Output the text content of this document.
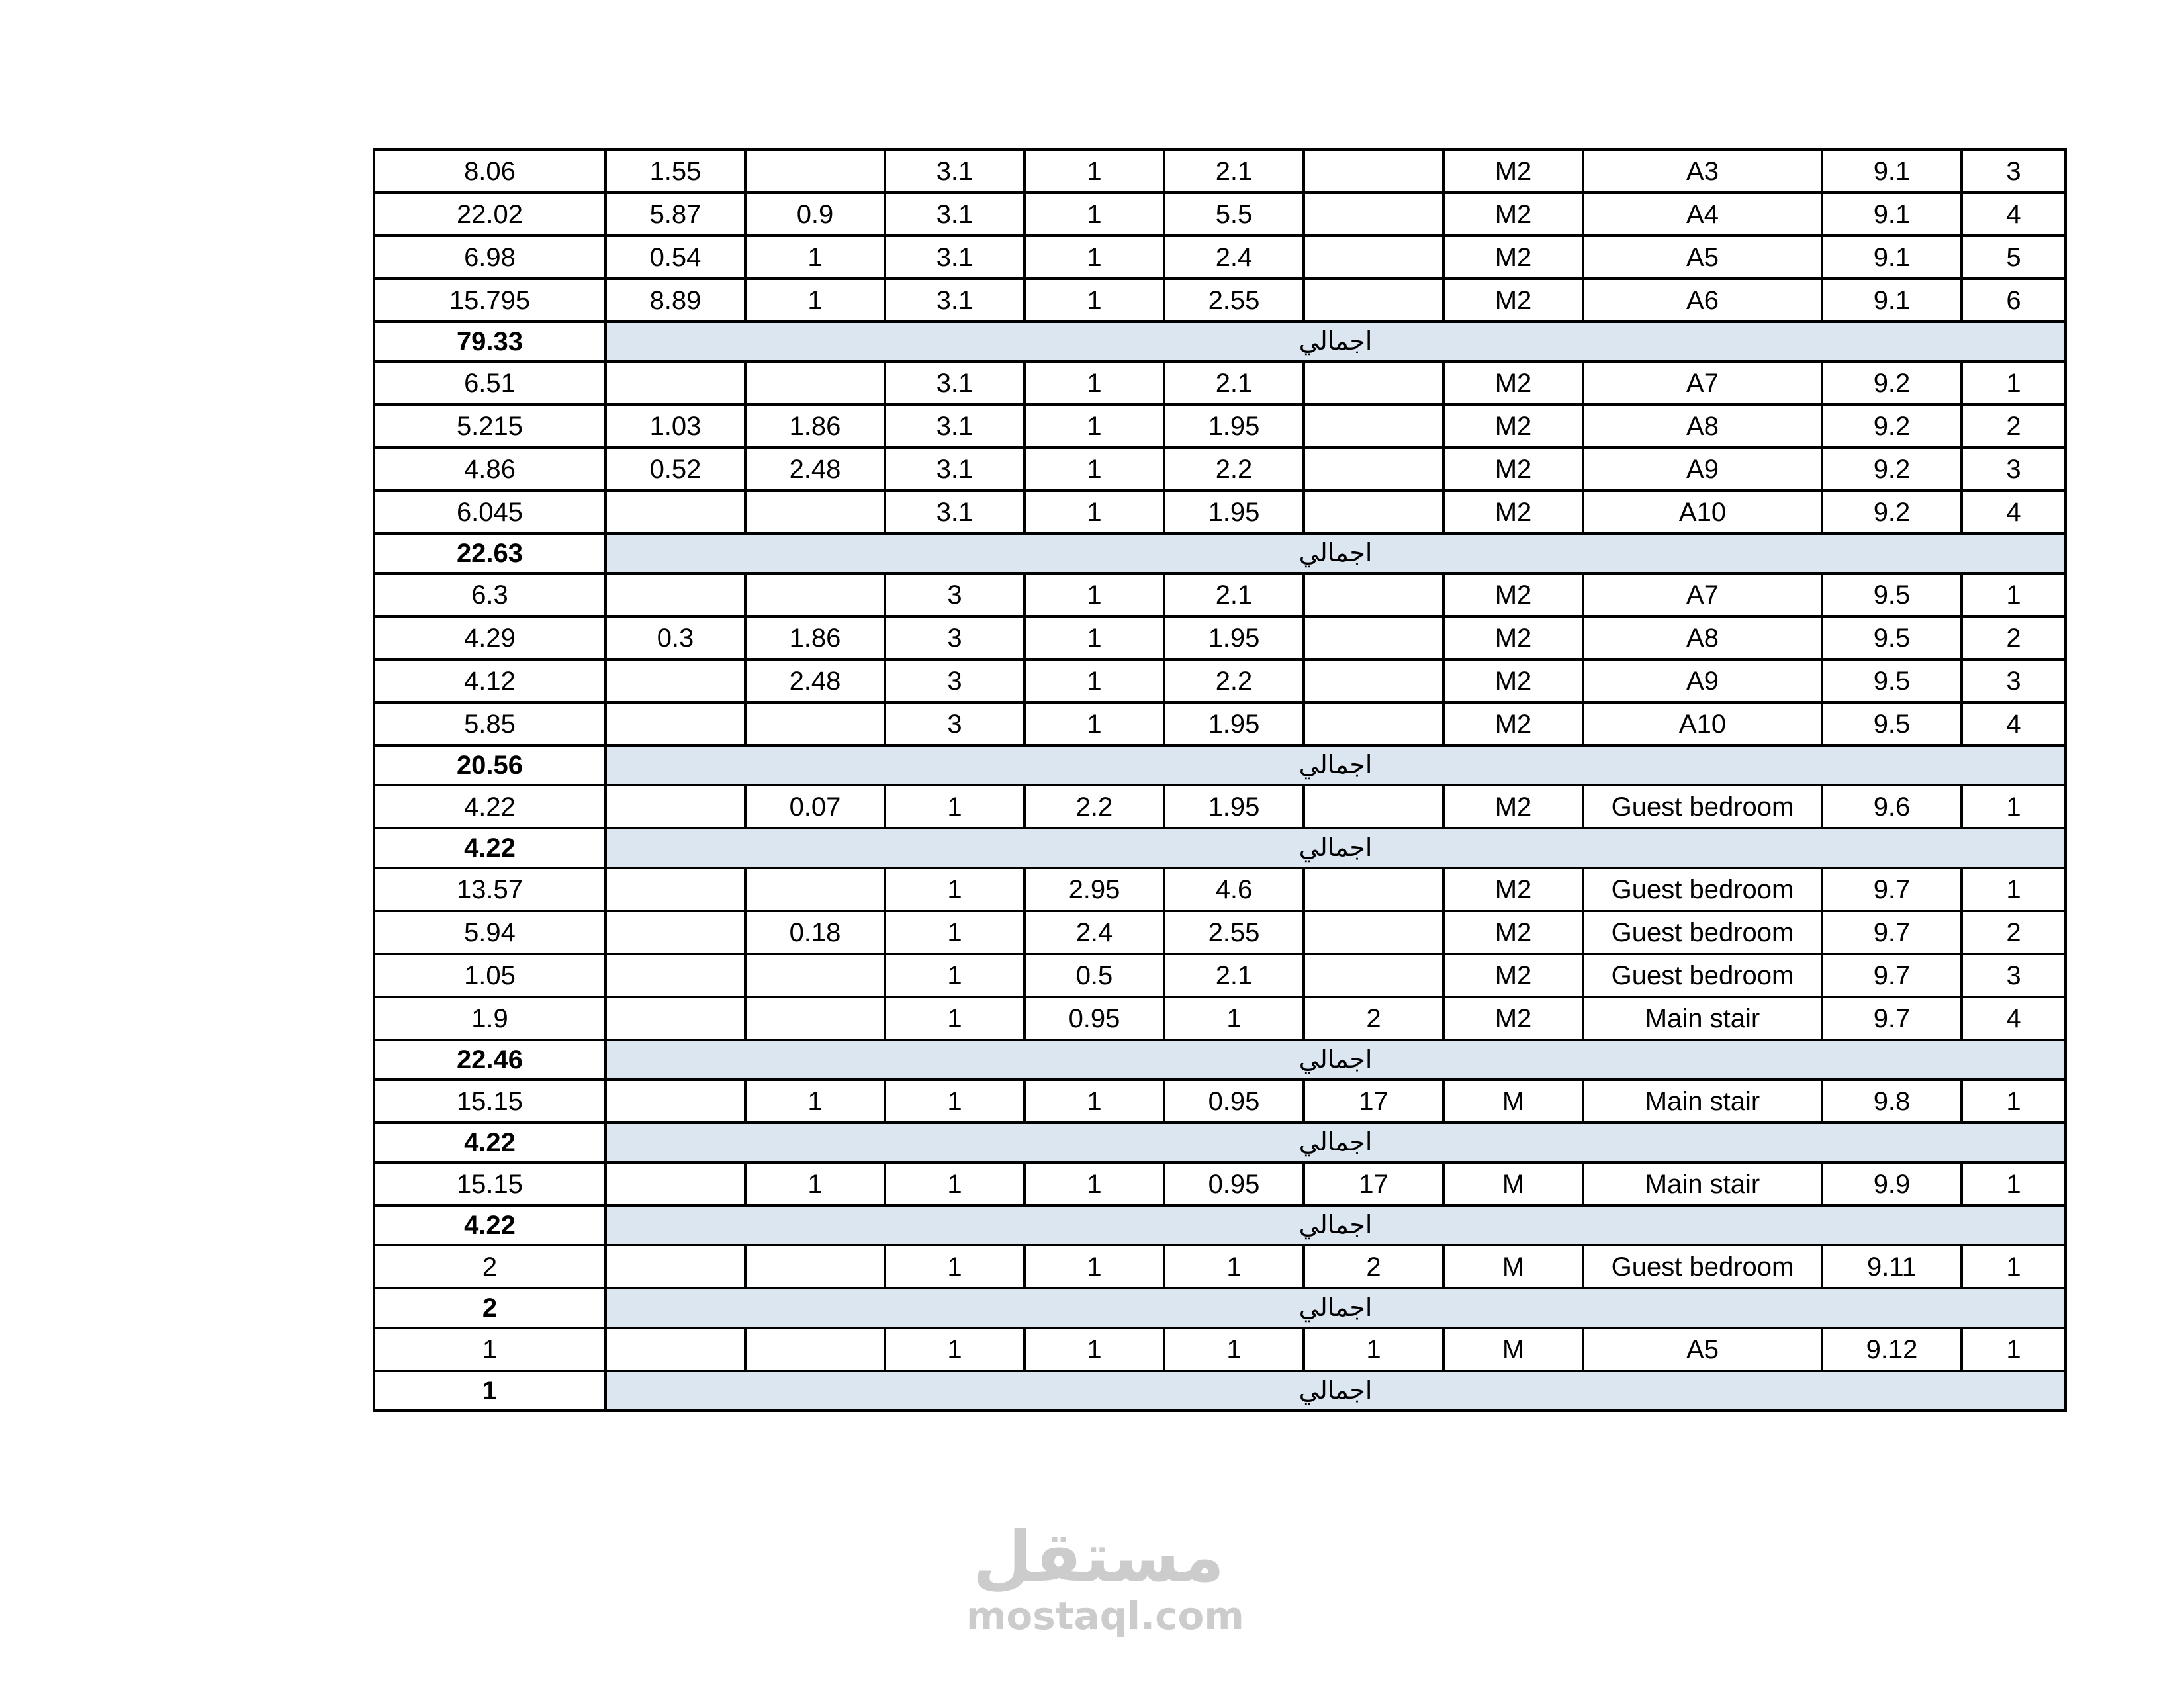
8.06	1.55		3.1	1	2.1		M2	A3	9.1	3
22.02	5.87	0.9	3.1	1	5.5		M2	A4	9.1	4
6.98	0.54	1	3.1	1	2.4		M2	A5	9.1	5
15.795	8.89	1	3.1	1	2.55		M2	A6	9.1	6
79.33	اجمالي									
6.51			3.1	1	2.1		M2	A7	9.2	1
5.215	1.03	1.86	3.1	1	1.95		M2	A8	9.2	2
4.86	0.52	2.48	3.1	1	2.2		M2	A9	9.2	3
6.045			3.1	1	1.95		M2	A10	9.2	4
22.63	اجمالي									
6.3			3	1	2.1		M2	A7	9.5	1
4.29	0.3	1.86	3	1	1.95		M2	A8	9.5	2
4.12		2.48	3	1	2.2		M2	A9	9.5	3
5.85			3	1	1.95		M2	A10	9.5	4
20.56	اجمالي									
4.22		0.07	1	2.2	1.95		M2	Guest bedroom	9.6	1
4.22	اجمالي									
13.57			1	2.95	4.6		M2	Guest bedroom	9.7	1
5.94		0.18	1	2.4	2.55		M2	Guest bedroom	9.7	2
1.05			1	0.5	2.1		M2	Guest bedroom	9.7	3
1.9			1	0.95	1	2	M2	Main stair	9.7	4
22.46	اجمالي									
15.15		1	1	1	0.95	17	M	Main stair	9.8	1
4.22	اجمالي									
15.15		1	1	1	0.95	17	M	Main stair	9.9	1
4.22	اجمالي									
2			1	1	1	2	M	Guest bedroom	9.11	1
2	اجمالي									
1			1	1	1	1	M	A5	9.12	1
1	اجمالي									
مستقل
mostaql.com
